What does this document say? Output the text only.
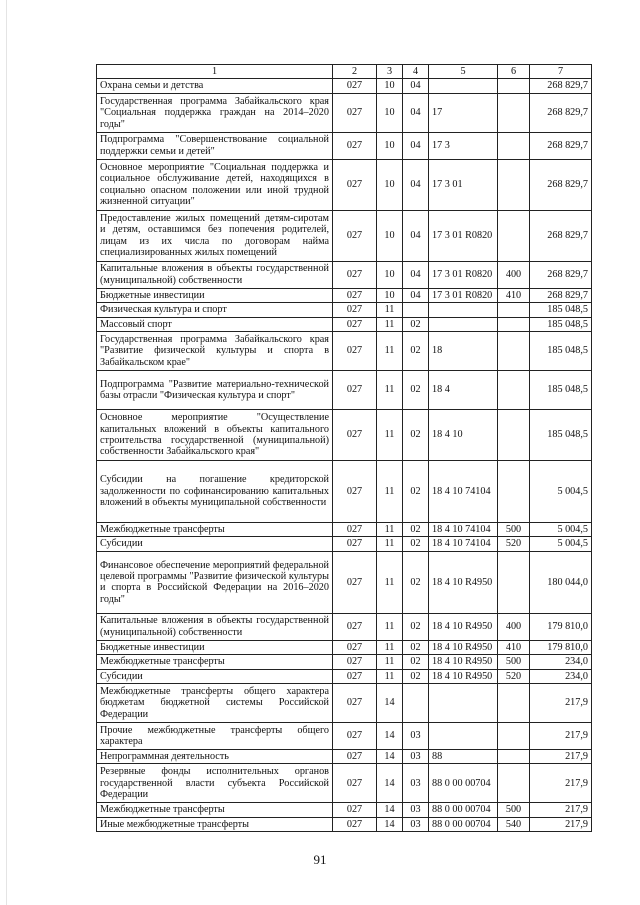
1	2	3	4	5	6	7
Охрана семьи и детства	027	10	04			268 829,7
Государственная программа Забайкальского края "Социальная поддержка граждан на 2014–2020 годы"	027	10	04	17		268 829,7
Подпрограмма "Совершенствование социальной поддержки семьи и детей"	027	10	04	17 3		268 829,7
Основное мероприятие "Социальная поддержка и социальное обслуживание детей, находящихся в социально опасном положении или иной трудной жизненной ситуации"	027	10	04	17 3 01		268 829,7
Предоставление жилых помещений детям-сиротам и детям, оставшимся без попечения родителей, лицам из их числа по договорам найма специализированных жилых помещений	027	10	04	17 3 01 R0820		268 829,7
Капитальные вложения в объекты государственной (муниципальной) собственности	027	10	04	17 3 01 R0820	400	268 829,7
Бюджетные инвестиции	027	10	04	17 3 01 R0820	410	268 829,7
Физическая культура и спорт	027	11				185 048,5
Массовый спорт	027	11	02			185 048,5
Государственная программа Забайкальского края "Развитие физической культуры и спорта в Забайкальском крае"	027	11	02	18		185 048,5
Подпрограмма "Развитие материально-технической базы отрасли "Физическая культура и спорт"	027	11	02	18 4		185 048,5
Основное мероприятие "Осуществление капитальных вложений в объекты капитального строительства государственной (муниципальной) собственности Забайкальского края"	027	11	02	18 4 10		185 048,5
Субсидии на погашение кредиторской задолженности по софинансированию капитальных вложений в объекты муниципальной собственности	027	11	02	18 4 10 74104		5 004,5
Межбюджетные трансферты	027	11	02	18 4 10 74104	500	5 004,5
Субсидии	027	11	02	18 4 10 74104	520	5 004,5
Финансовое обеспечение мероприятий федеральной целевой программы "Развитие физической культуры и спорта в Российской Федерации на 2016–2020 годы"	027	11	02	18 4 10 R4950		180 044,0
Капитальные вложения в объекты государственной (муниципальной) собственности	027	11	02	18 4 10 R4950	400	179 810,0
Бюджетные инвестиции	027	11	02	18 4 10 R4950	410	179 810,0
Межбюджетные трансферты	027	11	02	18 4 10 R4950	500	234,0
Субсидии	027	11	02	18 4 10 R4950	520	234,0
Межбюджетные трансферты общего характера бюджетам бюджетной системы Российской Федерации	027	14				217,9
Прочие межбюджетные трансферты общего характера	027	14	03			217,9
Непрограммная деятельность	027	14	03	88		217,9
Резервные фонды исполнительных органов государственной власти субъекта Российской Федерации	027	14	03	88 0 00 00704		217,9
Межбюджетные трансферты	027	14	03	88 0 00 00704	500	217,9
Иные межбюджетные трансферты	027	14	03	88 0 00 00704	540	217,9
91
